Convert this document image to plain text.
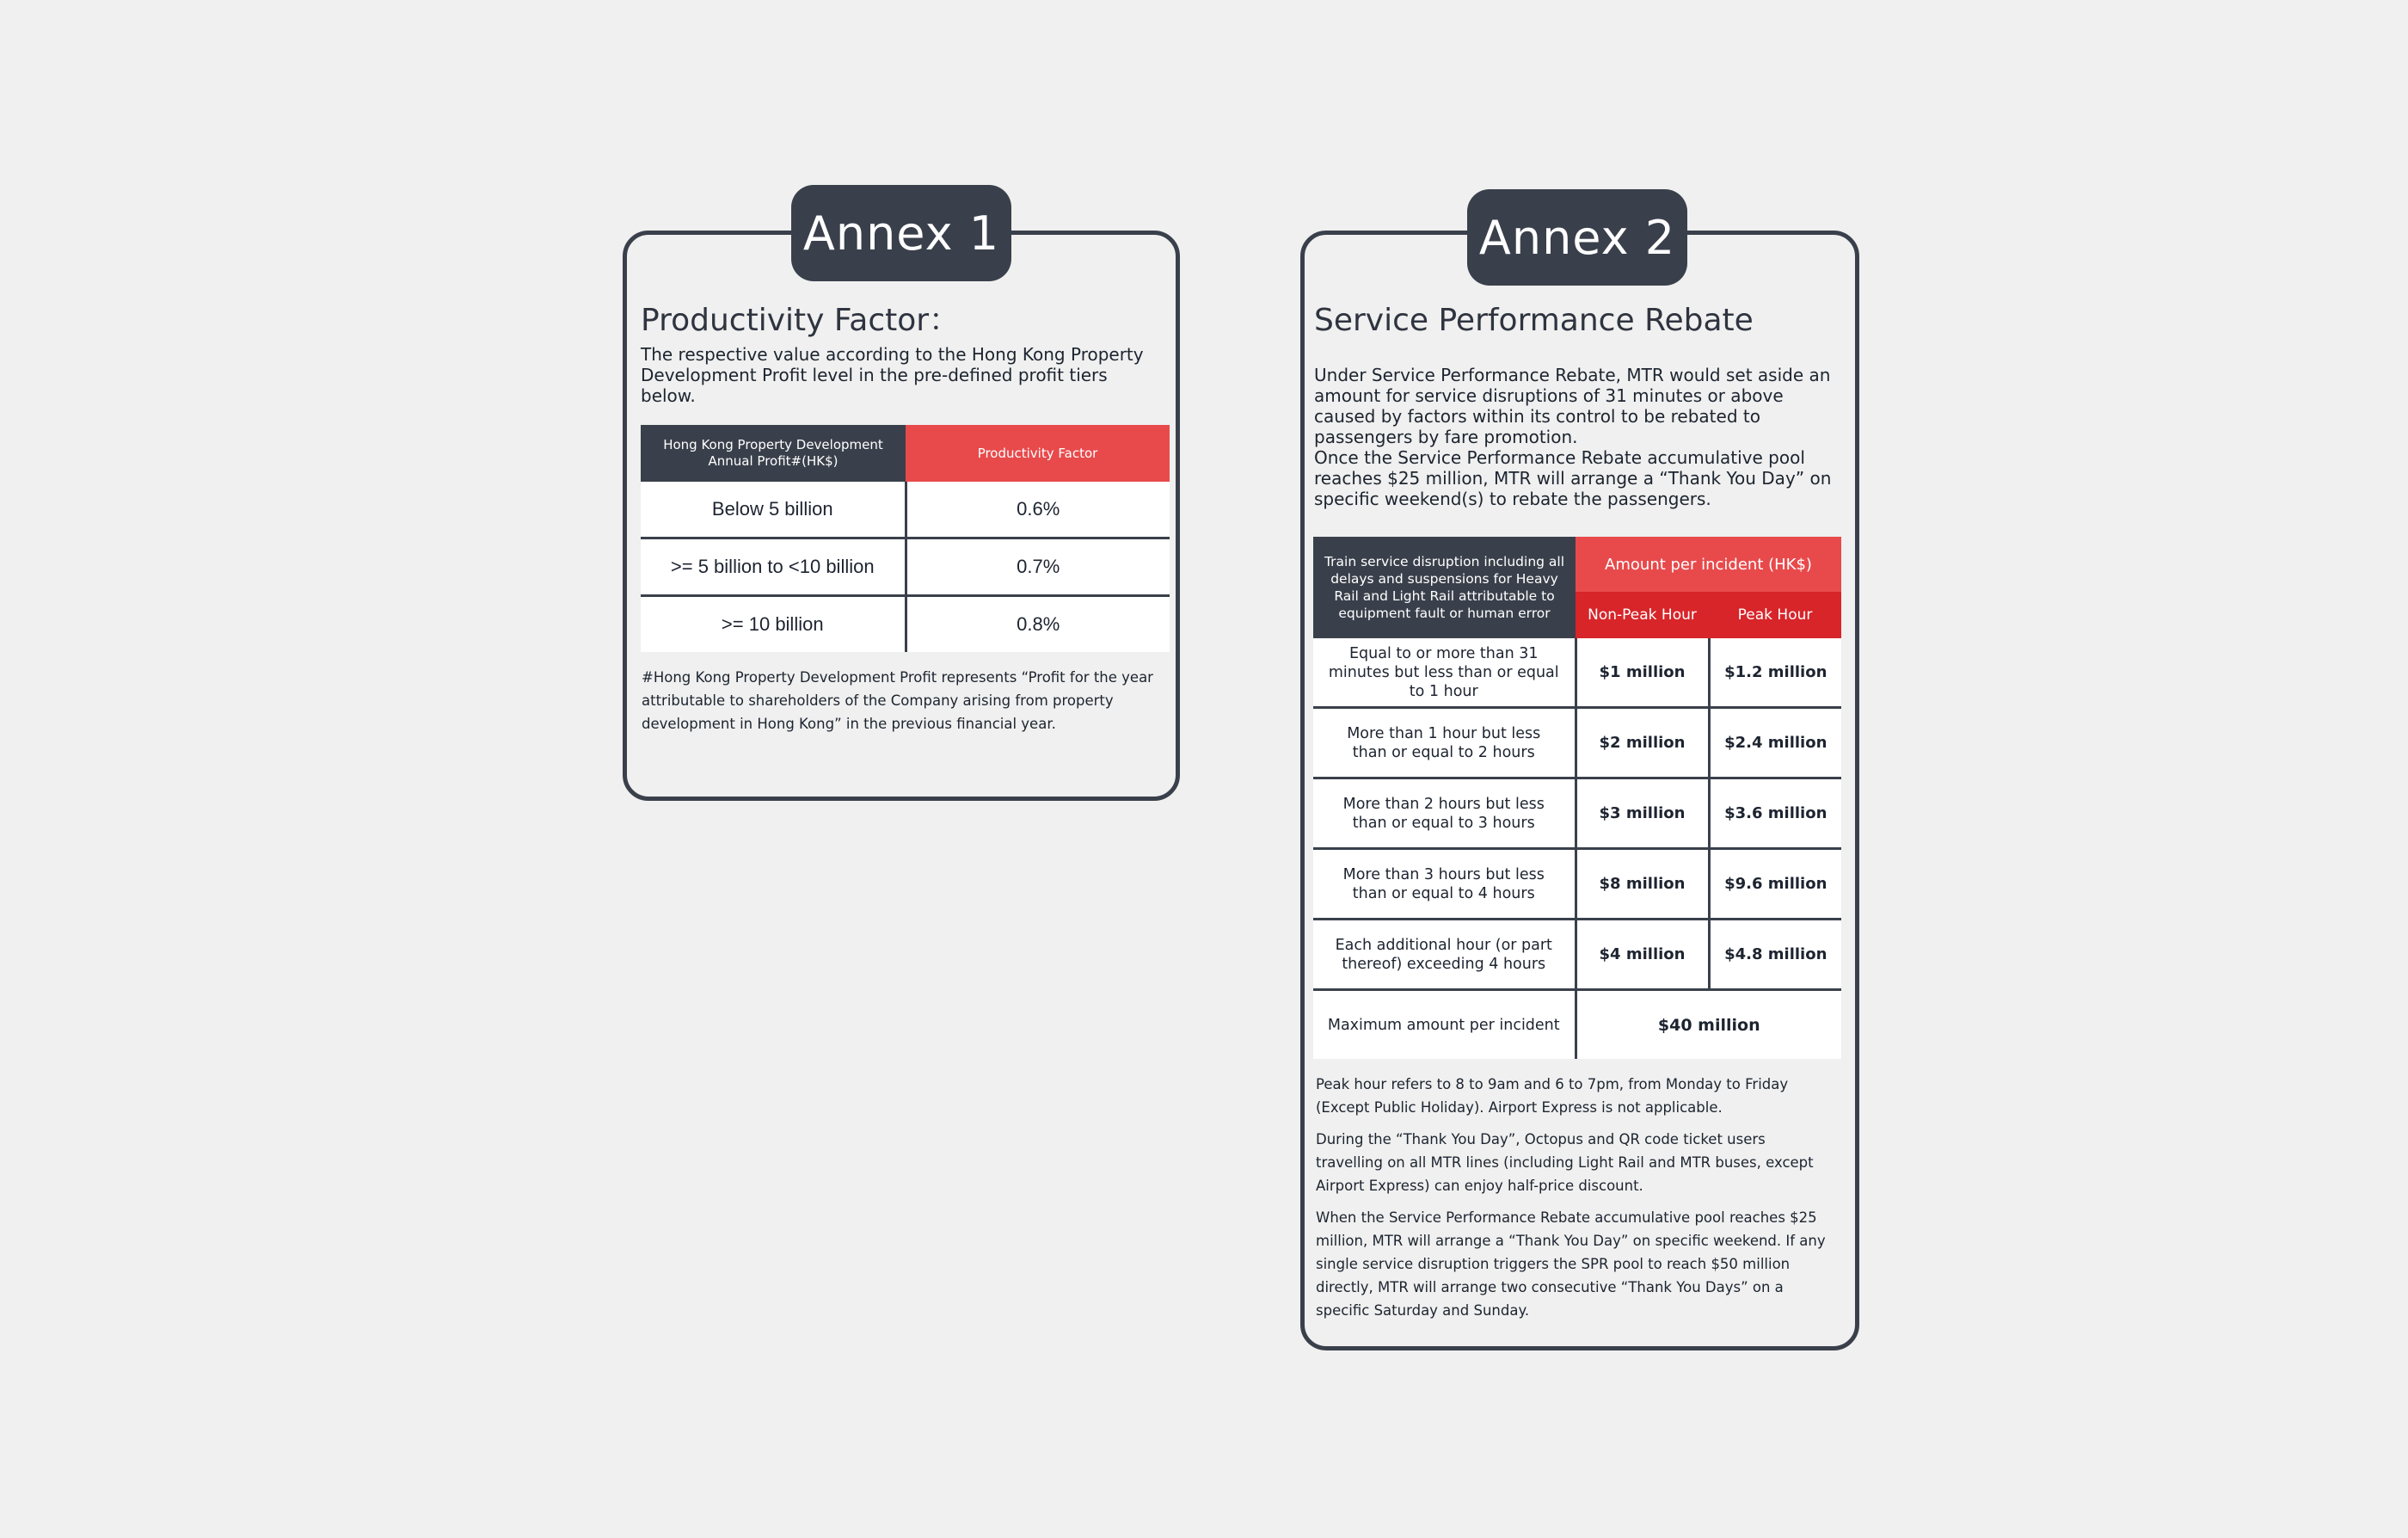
Annex 1
Productivity Factor：
The respective value according to the Hong Kong Property Development Profit level in the pre-defined profit tiers below.
Hong Kong Property Development Annual Profit#(HK$)	Productivity Factor
Below 5 billion	0.6%
>= 5 billion to <10 billion	0.7%
>= 10 billion	0.8%
#Hong Kong Property Development Profit represents “Profit for the year attributable to shareholders of the Company arising from property development in Hong Kong” in the previous financial year.
Annex 2
Service Performance Rebate
Under Service Performance Rebate, MTR would set aside an amount for service disruptions of 31 minutes or above caused by factors within its control to be rebated to passengers by fare promotion.
Once the Service Performance Rebate accumulative pool reaches $25 million, MTR will arrange a “Thank You Day” on specific weekend(s) to rebate the passengers.
Train service disruption including all delays and suspensions for Heavy Rail and Light Rail attributable to equipment fault or human error	Amount per incident (HK$)	
	Non-Peak Hour	Peak Hour
Equal to or more than 31 minutes but less than or equal to 1 hour	$1 million	$1.2 million
More than 1 hour but less than or equal to 2 hours	$2 million	$2.4 million
More than 2 hours but less than or equal to 3 hours	$3 million	$3.6 million
More than 3 hours but less than or equal to 4 hours	$8 million	$9.6 million
Each additional hour (or part thereof) exceeding 4 hours	$4 million	$4.8 million
Maximum amount per incident	$40 million	
Peak hour refers to 8 to 9am and 6 to 7pm, from Monday to Friday (Except Public Holiday). Airport Express is not applicable.
During the “Thank You Day”, Octopus and QR code ticket users travelling on all MTR lines (including Light Rail and MTR buses, except Airport Express) can enjoy half-price discount.
When the Service Performance Rebate accumulative pool reaches $25 million, MTR will arrange a “Thank You Day” on specific weekend. If any single service disruption triggers the SPR pool to reach $50 million directly, MTR will arrange two consecutive “Thank You Days” on a specific Saturday and Sunday.
